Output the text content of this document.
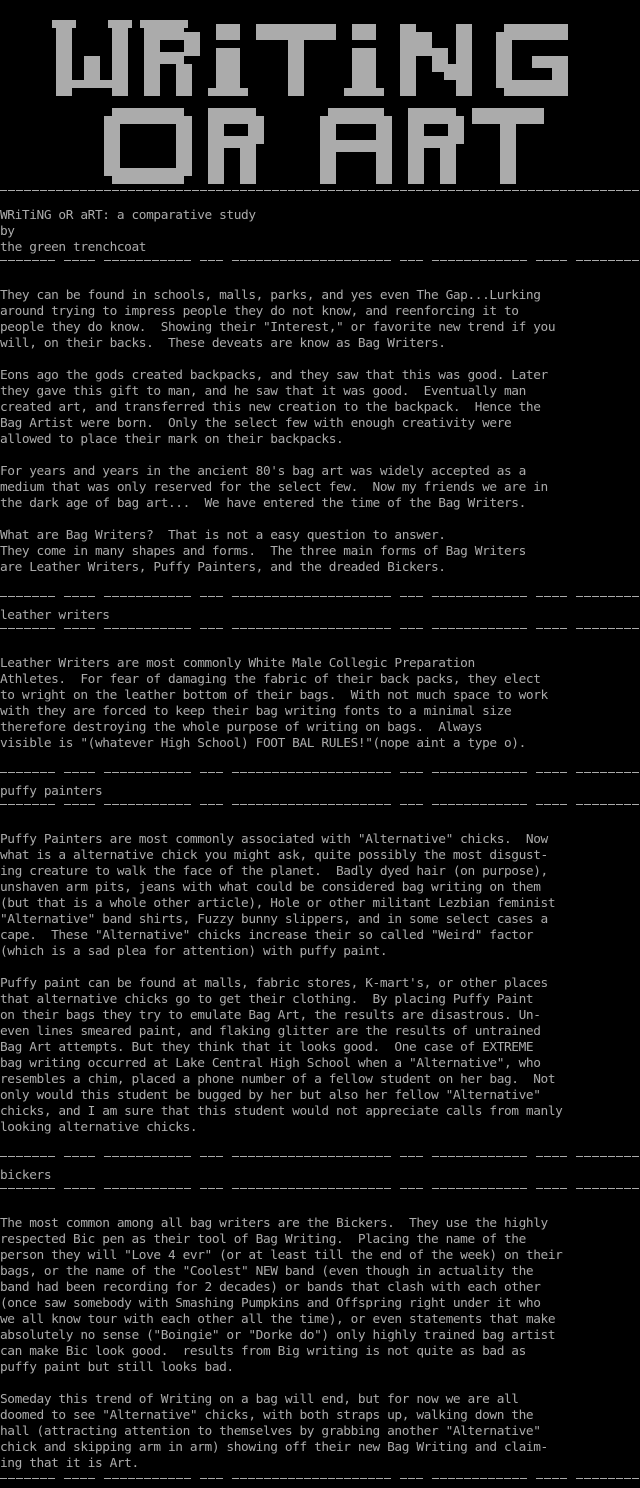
WRiTiNG oR aRT: a comparative study
by
the green trenchcoat
They can be found in schools, malls, parks, and yes even The Gap...Lurking
around trying to impress people they do not know, and reenforcing it to
people they do know.  Showing their "Interest," or favorite new trend if you
will, on their backs.  These deveats are know as Bag Writers.
Eons ago the gods created backpacks, and they saw that this was good. Later
they gave this gift to man, and he saw that it was good.  Eventually man
created art, and transferred this new creation to the backpack.  Hence the
Bag Artist were born.  Only the select few with enough creativity were
allowed to place their mark on their backpacks.
For years and years in the ancient 80's bag art was widely accepted as a
medium that was only reserved for the select few.  Now my friends we are in
the dark age of bag art...  We have entered the time of the Bag Writers.
What are Bag Writers?  That is not a easy question to answer.
They come in many shapes and forms.  The three main forms of Bag Writers
are Leather Writers, Puffy Painters, and the dreaded Bickers.
leather writers
Leather Writers are most commonly White Male Collegic Preparation
Athletes.  For fear of damaging the fabric of their back packs, they elect
to wright on the leather bottom of their bags.  With not much space to work
with they are forced to keep their bag writing fonts to a minimal size
therefore destroying the whole purpose of writing on bags.  Always
visible is "(whatever High School) FOOT BAL RULES!"(nope aint a type o).
puffy painters
Puffy Painters are most commonly associated with "Alternative" chicks.  Now
what is a alternative chick you might ask, quite possibly the most disgust-
ing creature to walk the face of the planet.  Badly dyed hair (on purpose),
unshaven arm pits, jeans with what could be considered bag writing on them
(but that is a whole other article), Hole or other militant Lezbian feminist
"Alternative" band shirts, Fuzzy bunny slippers, and in some select cases a
cape.  These "Alternative" chicks increase their so called "Weird" factor
(which is a sad plea for attention) with puffy paint.
Puffy paint can be found at malls, fabric stores, K-mart's, or other places
that alternative chicks go to get their clothing.  By placing Puffy Paint
on their bags they try to emulate Bag Art, the results are disastrous. Un-
even lines smeared paint, and flaking glitter are the results of untrained
Bag Art attempts. But they think that it looks good.  One case of EXTREME
bag writing occurred at Lake Central High School when a "Alternative", who
resembles a chim, placed a phone number of a fellow student on her bag.  Not
only would this student be bugged by her but also her fellow "Alternative"
chicks, and I am sure that this student would not appreciate calls from manly
looking alternative chicks.
bickers
The most common among all bag writers are the Bickers.  They use the highly
respected Bic pen as their tool of Bag Writing.  Placing the name of the
person they will "Love 4 evr" (or at least till the end of the week) on their
bags, or the name of the "Coolest" NEW band (even though in actuality the
band had been recording for 2 decades) or bands that clash with each other
(once saw somebody with Smashing Pumpkins and Offspring right under it who
we all know tour with each other all the time), or even statements that make
absolutely no sense ("Boingie" or "Dorke do") only highly trained bag artist
can make Bic look good.  results from Big writing is not quite as bad as
puffy paint but still looks bad.
Someday this trend of Writing on a bag will end, but for now we are all
doomed to see "Alternative" chicks, with both straps up, walking down the
hall (attracting attention to themselves by grabbing another "Alternative"
chick and skipping arm in arm) showing off their new Bag Writing and claim-
ing that it is Art.
